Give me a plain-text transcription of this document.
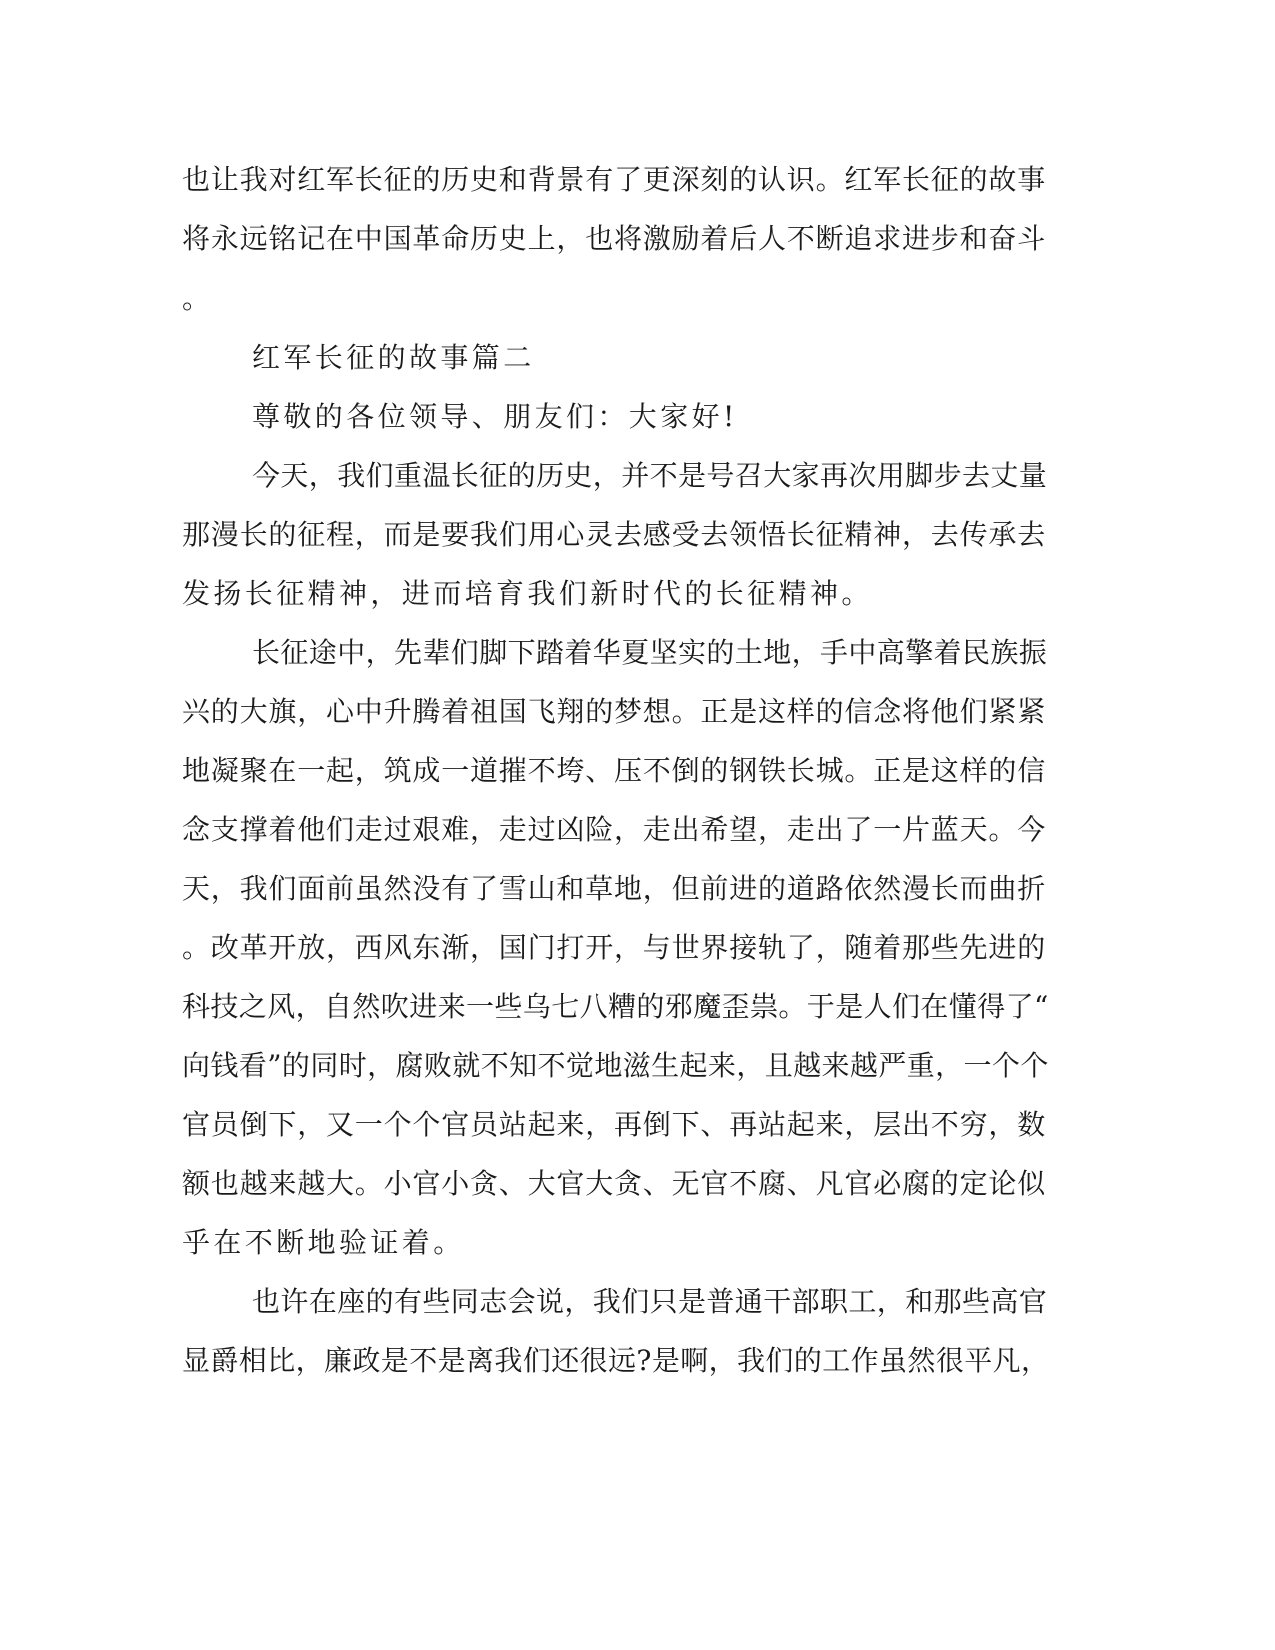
也让我对红军长征的历史和背景有了更深刻的认识。红军长征的故事
将永远铭记在中国革命历史上，也将激励着后人不断追求进步和奋斗
。
红军长征的故事篇二
尊敬的各位领导、朋友们：大家好!
今天，我们重温长征的历史，并不是号召大家再次用脚步去丈量
那漫长的征程，而是要我们用心灵去感受去领悟长征精神，去传承去
发扬长征精神，进而培育我们新时代的长征精神。
长征途中，先辈们脚下踏着华夏坚实的土地，手中高擎着民族振
兴的大旗，心中升腾着祖国飞翔的梦想。正是这样的信念将他们紧紧
地凝聚在一起，筑成一道摧不垮、压不倒的钢铁长城。正是这样的信
念支撑着他们走过艰难，走过凶险，走出希望，走出了一片蓝天。今
天，我们面前虽然没有了雪山和草地，但前进的道路依然漫长而曲折
。改革开放，西风东渐，国门打开，与世界接轨了，随着那些先进的
科技之风，自然吹进来一些乌七八糟的邪魔歪祟。于是人们在懂得了“
向钱看”的同时，腐败就不知不觉地滋生起来，且越来越严重，一个个
官员倒下，又一个个官员站起来，再倒下、再站起来，层出不穷，数
额也越来越大。小官小贪、大官大贪、无官不腐、凡官必腐的定论似
乎在不断地验证着。
也许在座的有些同志会说，我们只是普通干部职工，和那些高官
显爵相比，廉政是不是离我们还很远?是啊，我们的工作虽然很平凡，
